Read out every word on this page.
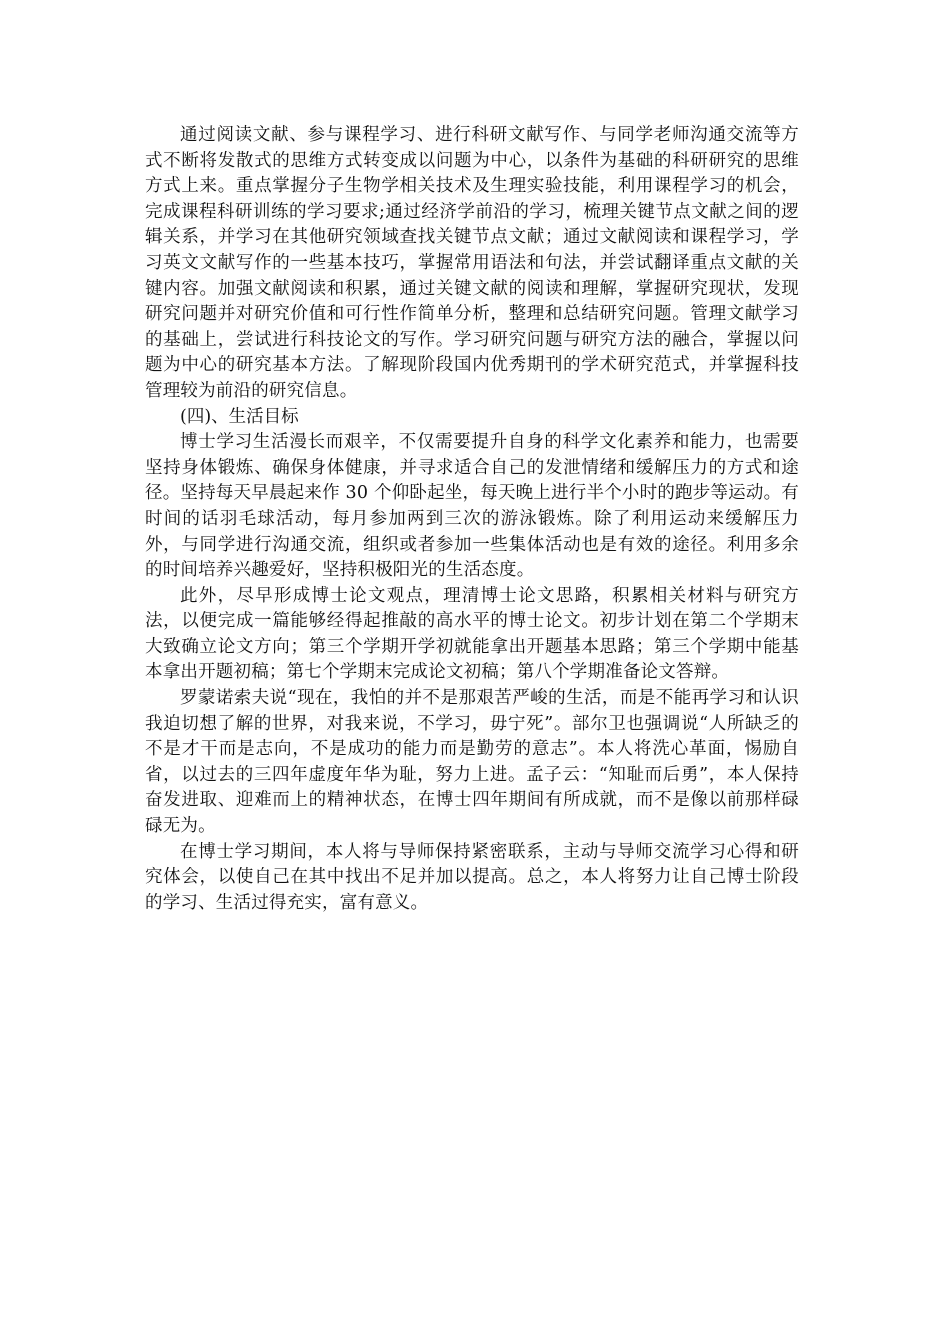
通过阅读文献、参与课程学习、进行科研文献写作、与同学老师沟通交流等方式不断将发散式的思维方式转变成以问题为中心，以条件为基础的科研研究的思维方式上来。重点掌握分子生物学相关技术及生理实验技能，利用课程学习的机会，完成课程科研训练的学习要求;通过经济学前沿的学习，梳理关键节点文献之间的逻辑关系，并学习在其他研究领域查找关键节点文献；通过文献阅读和课程学习，学习英文文献写作的一些基本技巧，掌握常用语法和句法，并尝试翻译重点文献的关键内容。加强文献阅读和积累，通过关键文献的阅读和理解，掌握研究现状，发现研究问题并对研究价值和可行性作简单分析，整理和总结研究问题。管理文献学习的基础上，尝试进行科技论文的写作。学习研究问题与研究方法的融合，掌握以问题为中心的研究基本方法。了解现阶段国内优秀期刊的学术研究范式，并掌握科技管理较为前沿的研究信息。

(四)、生活目标

博士学习生活漫长而艰辛，不仅需要提升自身的科学文化素养和能力，也需要坚持身体锻炼、确保身体健康，并寻求适合自己的发泄情绪和缓解压力的方式和途径。坚持每天早晨起来作 30 个仰卧起坐，每天晚上进行半个小时的跑步等运动。有时间的话羽毛球活动，每月参加两到三次的游泳锻炼。除了利用运动来缓解压力外，与同学进行沟通交流，组织或者参加一些集体活动也是有效的途径。利用多余的时间培养兴趣爱好，坚持积极阳光的生活态度。

此外，尽早形成博士论文观点，理清博士论文思路，积累相关材料与研究方法，以便完成一篇能够经得起推敲的高水平的博士论文。初步计划在第二个学期末大致确立论文方向；第三个学期开学初就能拿出开题基本思路；第三个学期中能基本拿出开题初稿；第七个学期末完成论文初稿；第八个学期准备论文答辩。

罗蒙诺索夫说“现在，我怕的并不是那艰苦严峻的生活，而是不能再学习和认识我迫切想了解的世界，对我来说，不学习，毋宁死”。部尔卫也强调说“人所缺乏的不是才干而是志向，不是成功的能力而是勤劳的意志”。本人将洗心革面，惕励自省，以过去的三四年虚度年华为耻，努力上进。孟子云：“知耻而后勇”，本人保持奋发进取、迎难而上的精神状态，在博士四年期间有所成就，而不是像以前那样碌碌无为。

在博士学习期间，本人将与导师保持紧密联系，主动与导师交流学习心得和研究体会，以使自己在其中找出不足并加以提高。总之，本人将努力让自己博士阶段的学习、生活过得充实，富有意义。
